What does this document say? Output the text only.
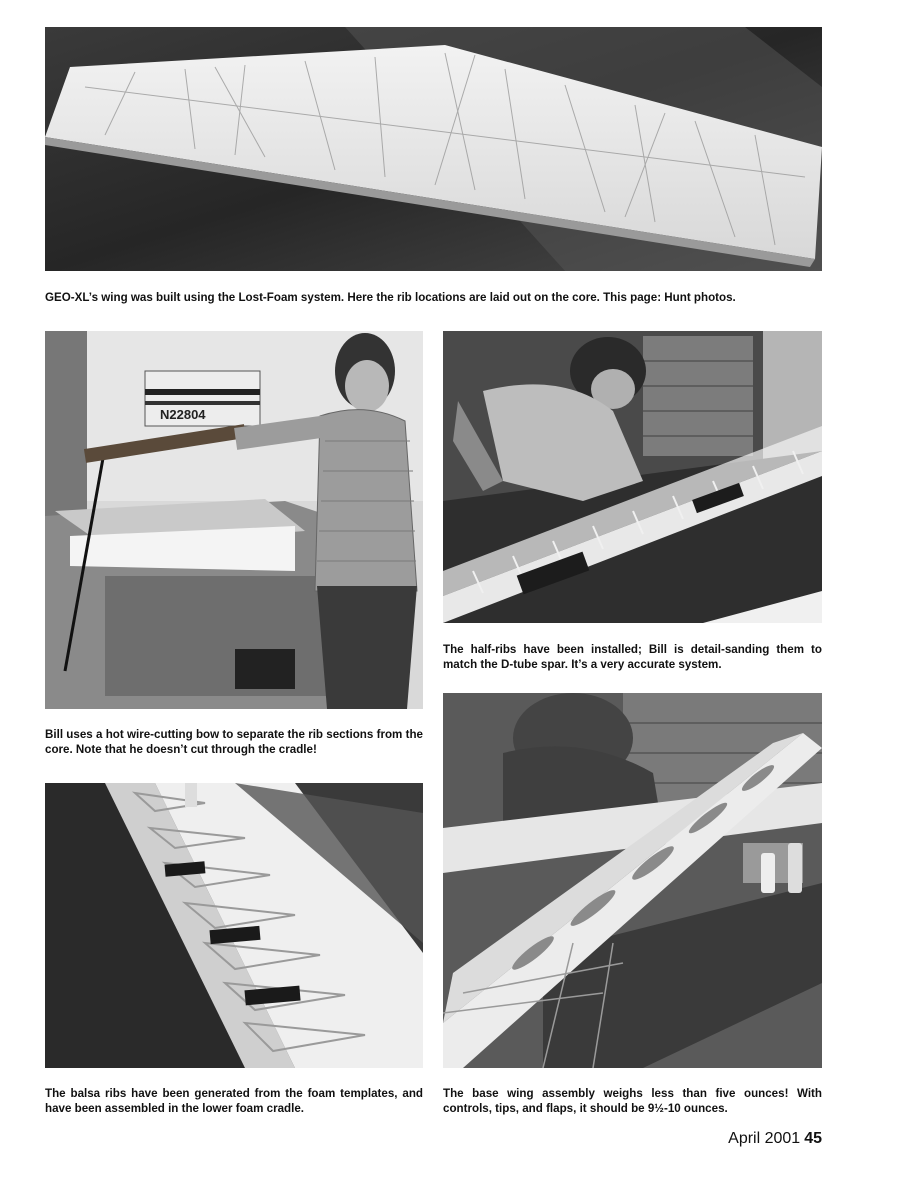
GEO-XL’s wing was built using the Lost-Foam system. Here the rib locations are laid out on the core. This page: Hunt photos.
N22804
Bill uses a hot wire-cutting bow to separate the rib sections from the core. Note that he doesn’t cut through the cradle!
The half-ribs have been installed; Bill is detail-sanding them to match the D-tube spar. It’s a very accurate system.
The base wing assembly weighs less than five ounces! With controls, tips, and flaps, it should be 9½-10 ounces.
The balsa ribs have been generated from the foam templates, and have been assembled in the lower foam cradle.
April 2001 45
